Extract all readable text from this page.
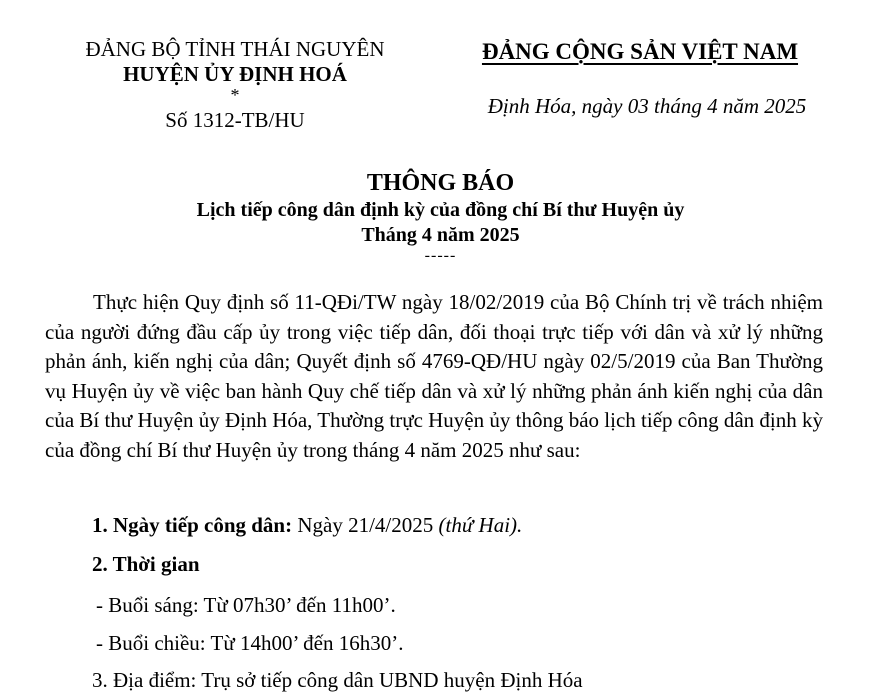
ĐẢNG BỘ TỈNH THÁI NGUYÊN
HUYỆN ỦY ĐỊNH HOÁ
*
Số 1312-TB/HU
ĐẢNG CỘNG SẢN VIỆT NAM
Định Hóa, ngày 03 tháng 4 năm 2025
THÔNG BÁO
Lịch tiếp công dân định kỳ của đồng chí Bí thư Huyện ủy
Tháng 4 năm 2025
-----
Thực hiện Quy định số 11-QĐi/TW ngày 18/02/2019 của Bộ Chính trị về trách nhiệm của người đứng đầu cấp ủy trong việc tiếp dân, đối thoại trực tiếp với dân và xử lý những phản ánh, kiến nghị của dân; Quyết định số 4769-QĐ/HU ngày 02/5/2019 của Ban Thường vụ Huyện ủy về việc ban hành Quy chế tiếp dân và xử lý những phản ánh kiến nghị của dân của Bí thư Huyện ủy Định Hóa, Thường trực Huyện ủy thông báo lịch tiếp công dân định kỳ của đồng chí Bí thư Huyện ủy trong tháng 4 năm 2025 như sau:
1. Ngày tiếp công dân: Ngày 21/4/2025 (thứ Hai).
2. Thời gian
- Buổi sáng: Từ 07h30’ đến 11h00’.
- Buổi chiều: Từ 14h00’ đến 16h30’.
3. Địa điểm: Trụ sở tiếp công dân UBND huyện Định Hóa
